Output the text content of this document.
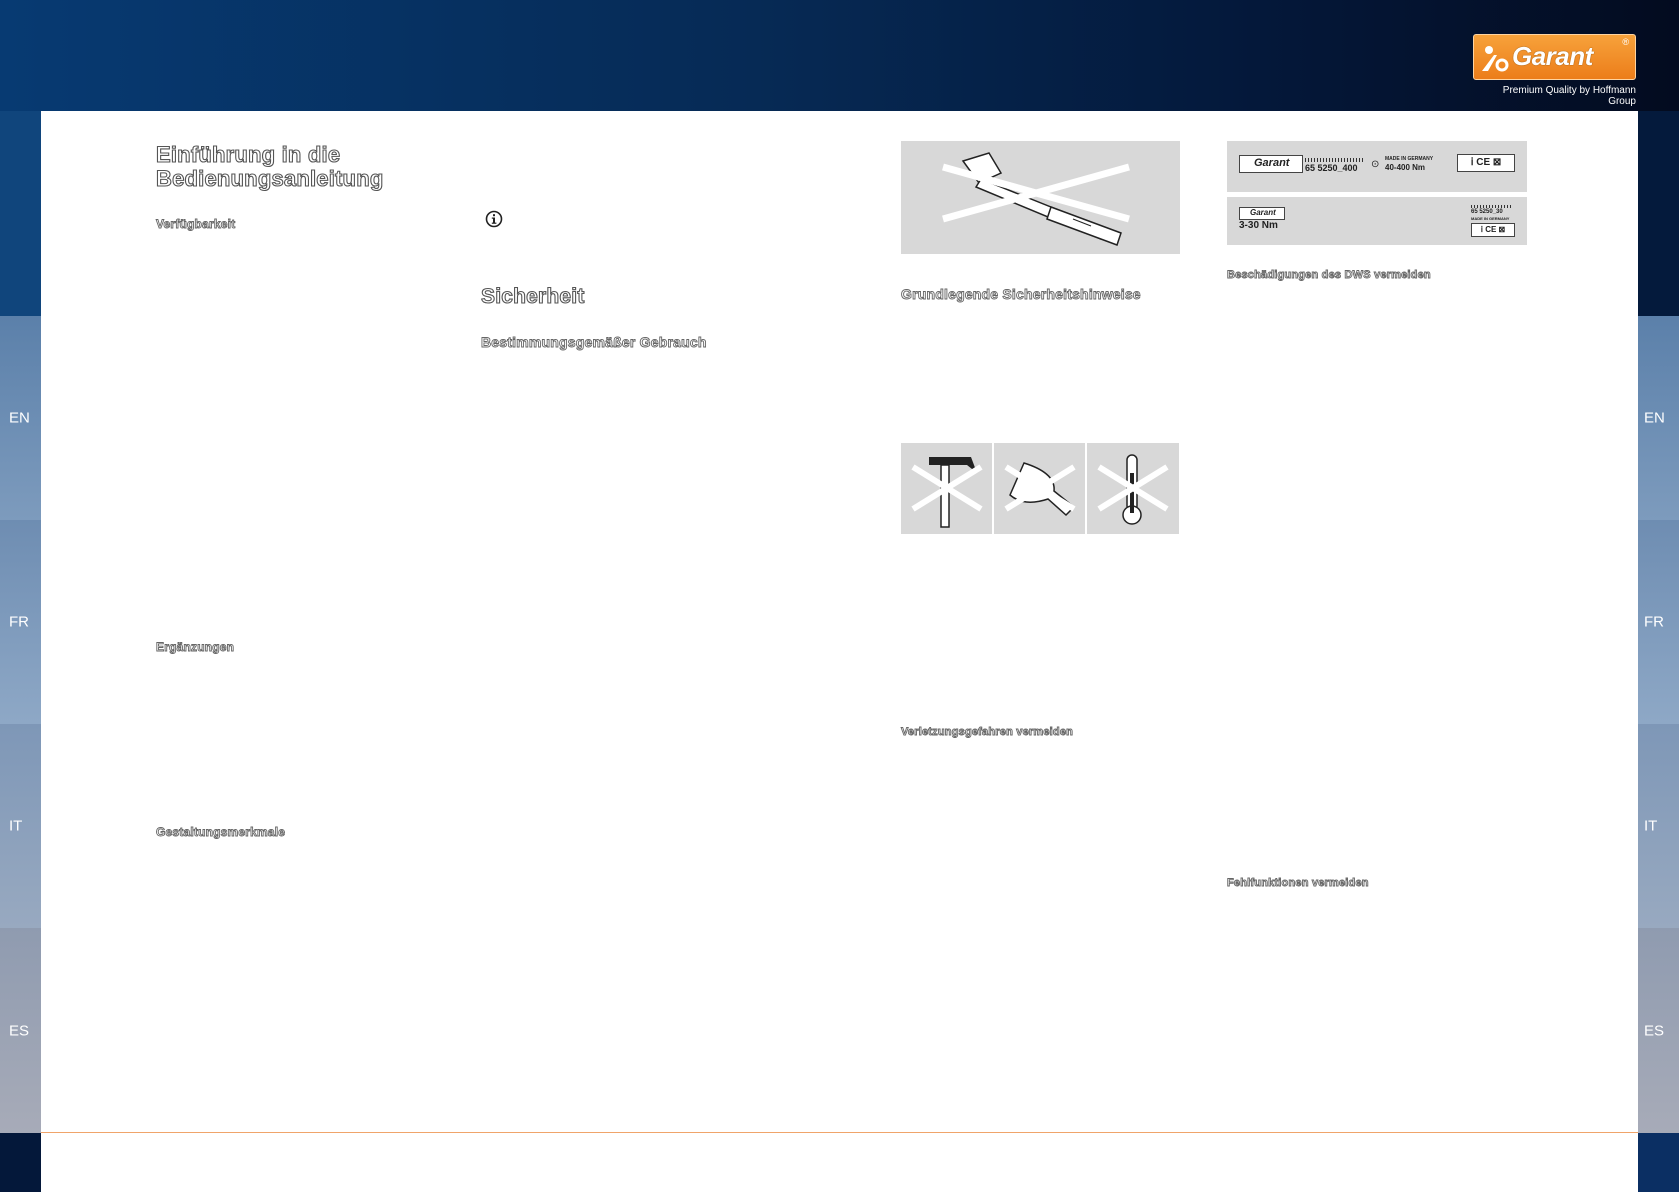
Garant	®
Premium Quality by Hoffmann Group
EN
FR
IT
ES
EN
FR
IT
ES
Einführung in die Bedienungsanleitung
Verfügbarkeit
Ergänzungen
Gestaltungsmerkmale
Sicherheit
Bestimmungsgemäßer Gebrauch
Grundlegende Sicherheitshinweise
Verletzungsgefahren vermeiden
Garant 65 5250_400 ⊙ MADE IN GERMANY
40-400 Nm	ⅰ CE ⊠
Garant
3-30 Nm
65 5250_30
MADE IN GERMANY
ⅰ CE ⊠
Beschädigungen des DWS vermeiden
Fehlfunktionen vermeiden
